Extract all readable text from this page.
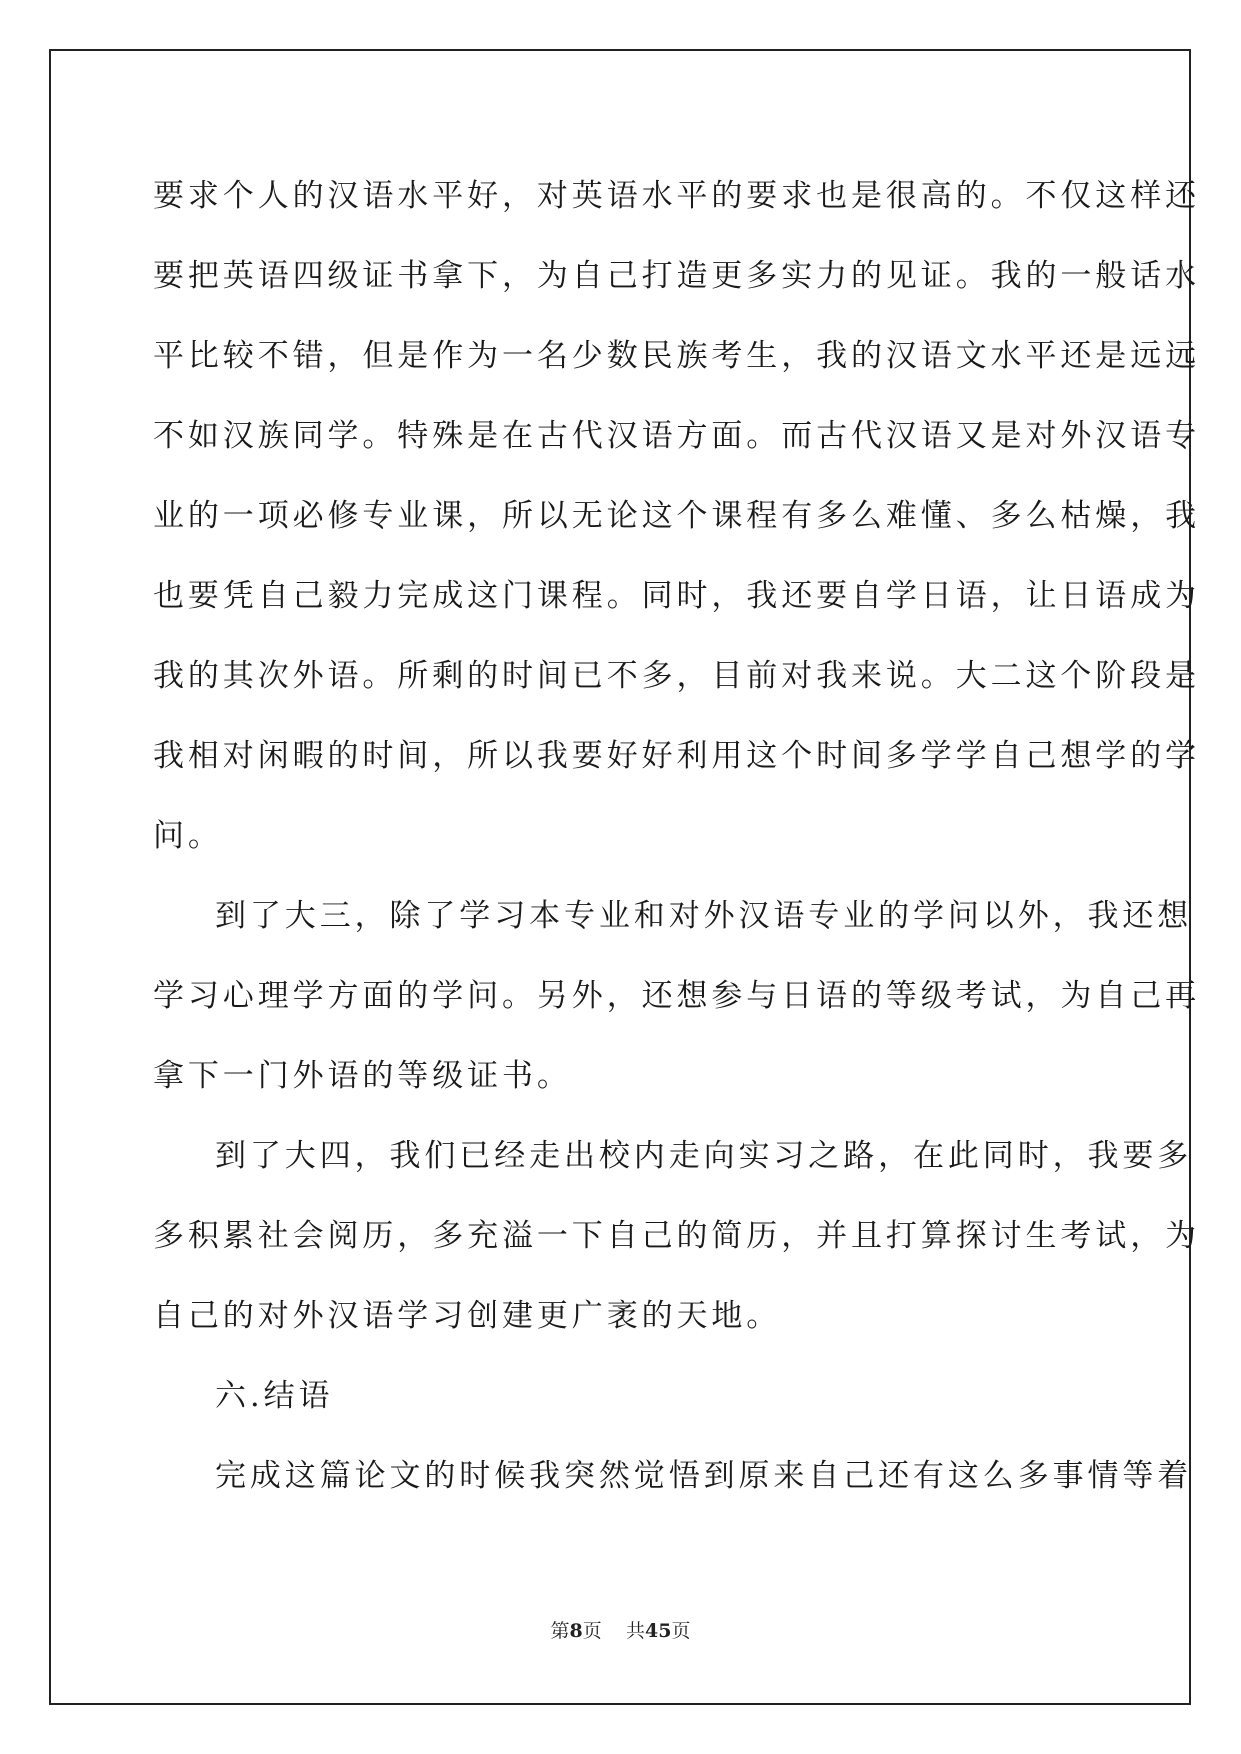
要求个人的汉语水平好，对英语水平的要求也是很高的。不仅这样还
要把英语四级证书拿下，为自己打造更多实力的见证。我的一般话水
平比较不错，但是作为一名少数民族考生，我的汉语文水平还是远远
不如汉族同学。特殊是在古代汉语方面。而古代汉语又是对外汉语专
业的一项必修专业课，所以无论这个课程有多么难懂、多么枯燥，我
也要凭自己毅力完成这门课程。同时，我还要自学日语，让日语成为
我的其次外语。所剩的时间已不多，目前对我来说。大二这个阶段是
我相对闲暇的时间，所以我要好好利用这个时间多学学自己想学的学
问。
到了大三，除了学习本专业和对外汉语专业的学问以外，我还想
学习心理学方面的学问。另外，还想参与日语的等级考试，为自己再
拿下一门外语的等级证书。
到了大四，我们已经走出校内走向实习之路，在此同时，我要多
多积累社会阅历，多充溢一下自己的简历，并且打算探讨生考试，为
自己的对外汉语学习创建更广袤的天地。
六.结语
完成这篇论文的时候我突然觉悟到原来自己还有这么多事情等着
第8页 共45页
